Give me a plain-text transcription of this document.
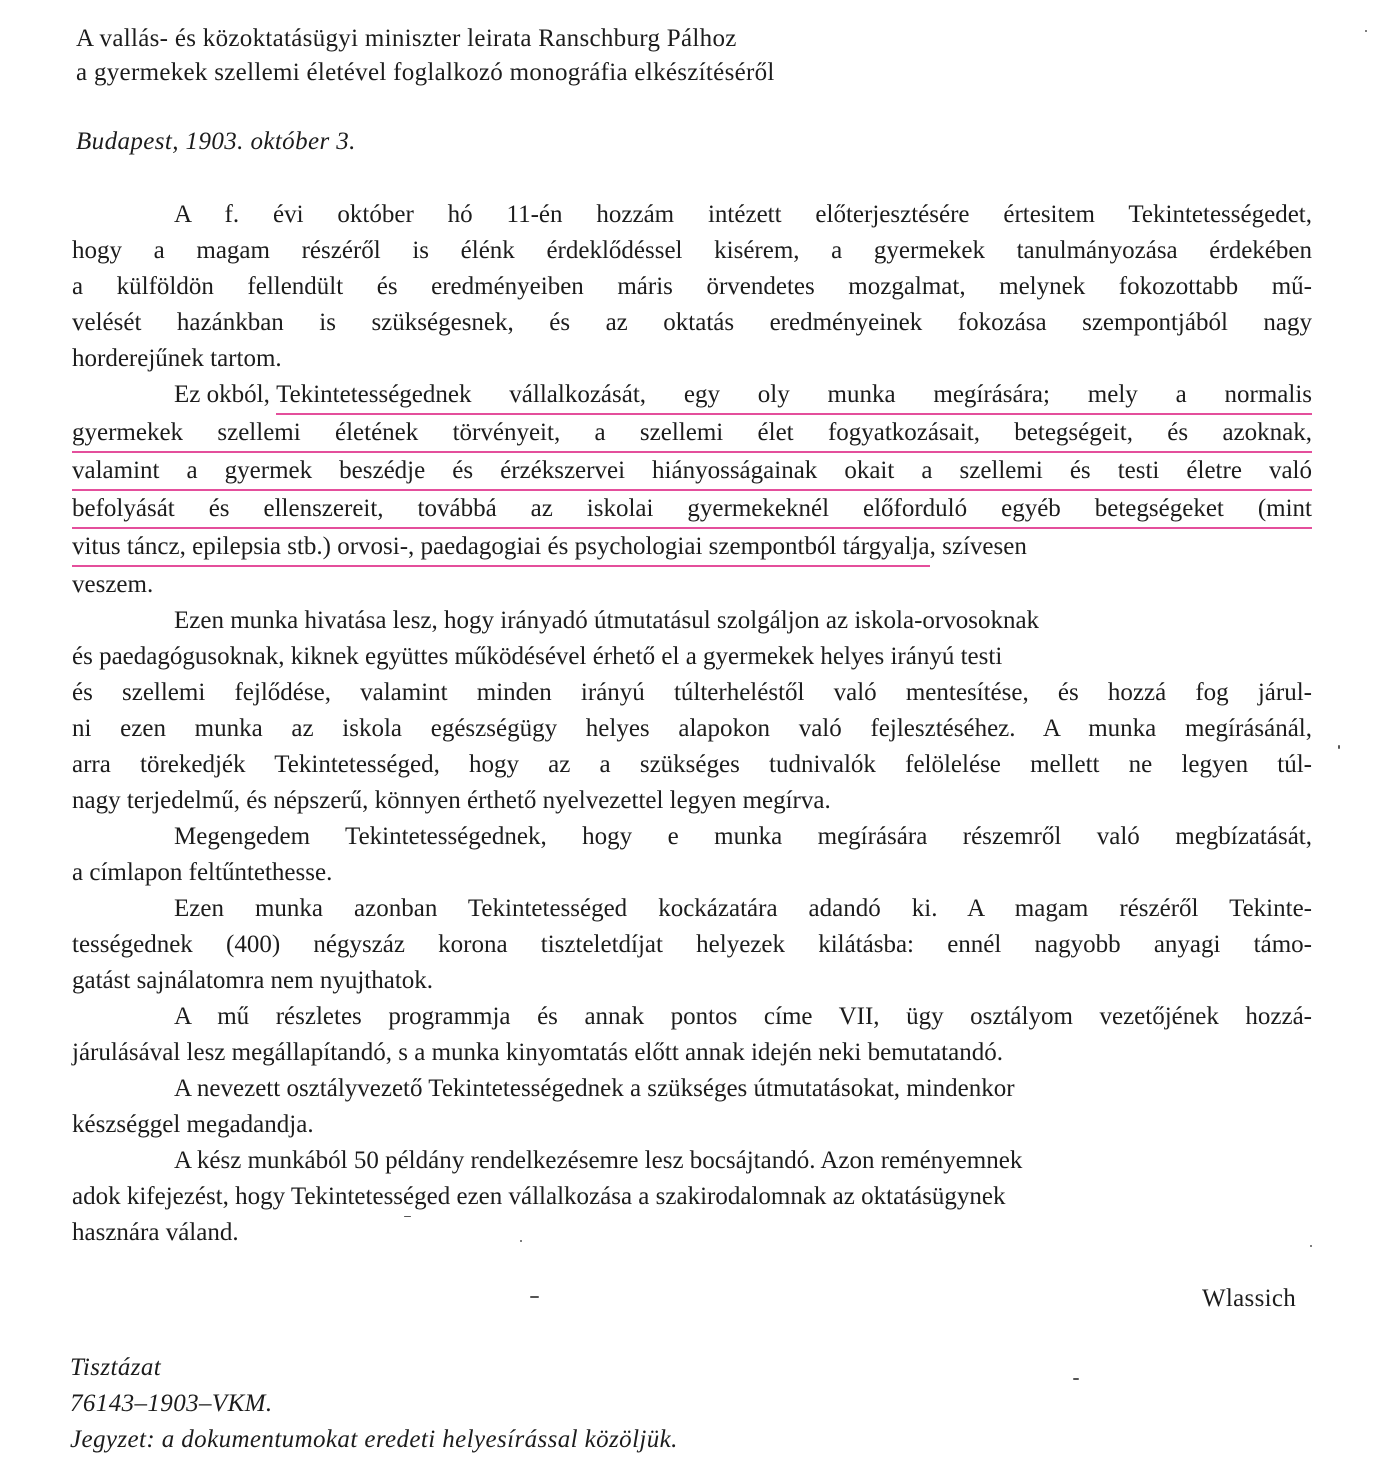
A vallás- és közoktatásügyi miniszter leirata Ranschburg Pálhoz
a gyermekek szellemi életével foglalkozó monográfia elkészítéséről
Budapest, 1903. október 3.
A f. évi október hó 11-én hozzám intézett előterjesztésére értesitem Tekintetességedet,
hogy a magam részéről is élénk érdeklődéssel kisérem, a gyermekek tanulmányozása érdekében
a külföldön fellendült és eredményeiben máris örvendetes mozgalmat, melynek fokozottabb mű-
velését hazánkban is szükségesnek, és az oktatás eredményeinek fokozása szempontjából nagy
horderejűnek tartom.
Ez okból, Tekintetességednek vállalkozását, egy oly munka megírására; mely a normalis
gyermekek szellemi életének törvényeit, a szellemi élet fogyatkozásait, betegségeit, és azoknak,
valamint a gyermek beszédje és érzékszervei hiányosságainak okait a szellemi és testi életre való
befolyását és ellenszereit, továbbá az iskolai gyermekeknél előforduló egyéb betegségeket (mint
vitus táncz, epilepsia stb.) orvosi-, paedagogiai és psychologiai szempontból tárgyalja , szívesen
veszem.
Ezen munka hivatása lesz, hogy irányadó útmutatásul szolgáljon az iskola-orvosoknak
és paedagógusoknak, kiknek együttes működésével érhető el a gyermekek helyes irányú testi
és szellemi fejlődése, valamint minden irányú túlterheléstől való mentesítése, és hozzá fog járul-
ni ezen munka az iskola egészségügy helyes alapokon való fejlesztéséhez. A munka megírásánál,
arra törekedjék Tekintetességed, hogy az a szükséges tudnivalók felölelése mellett ne legyen túl-
nagy terjedelmű, és népszerű, könnyen érthető nyelvezettel legyen megírva.
Megengedem Tekintetességednek, hogy e munka megírására részemről való megbízatását,
a címlapon feltűntethesse.
Ezen munka azonban Tekintetességed kockázatára adandó ki. A magam részéről Tekinte-
tességednek (400) négyszáz korona tiszteletdíjat helyezek kilátásba: ennél nagyobb anyagi támo-
gatást sajnálatomra nem nyujthatok.
A mű részletes programmja és annak pontos címe VII, ügy osztályom vezetőjének hozzá-
járulásával lesz megállapítandó, s a munka kinyomtatás előtt annak idején neki bemutatandó.
A nevezett osztályvezető Tekintetességednek a szükséges útmutatásokat, mindenkor
készséggel megadandja.
A kész munkából 50 példány rendelkezésemre lesz bocsájtandó. Azon reményemnek
adok kifejezést, hogy Tekintetességed ezen vállalkozása a szakirodalomnak az oktatásügynek
hasznára váland.
Wlassich
Tisztázat
76143–1903–VKM.
Jegyzet: a dokumentumokat eredeti helyesírással közöljük.
